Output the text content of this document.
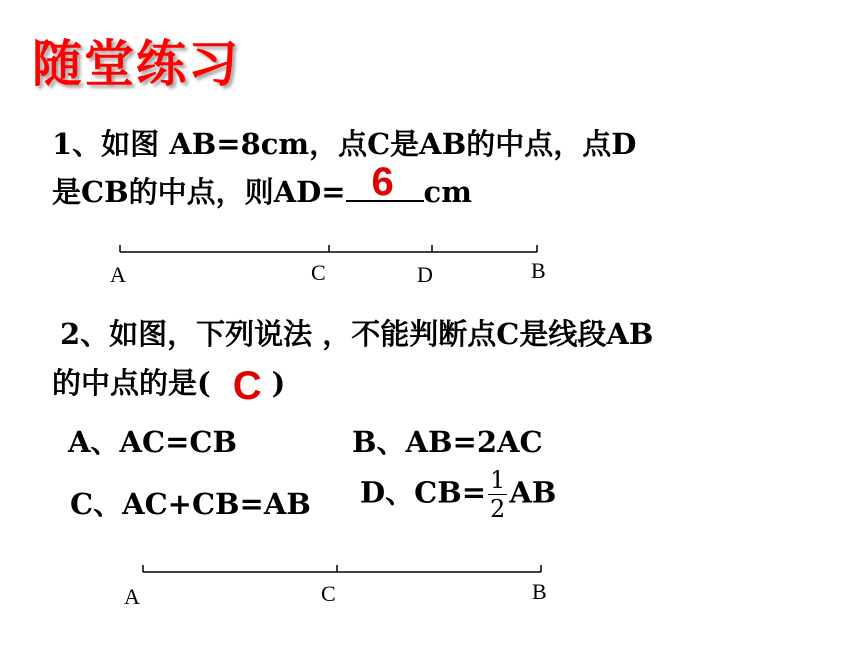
随堂练习
1、如图 AB=8cm，点C是AB的中点，点D
是CB的中点，则AD= 6 cm
A	C	D	B
2、如图，下列说法 ，不能判断点C是线段AB
的中点的是( C )
A、AC=CB	B、AB=2AC
C、AC+CB=AB D、$CB= \frac{1}{2}$ AB
A	C	B
